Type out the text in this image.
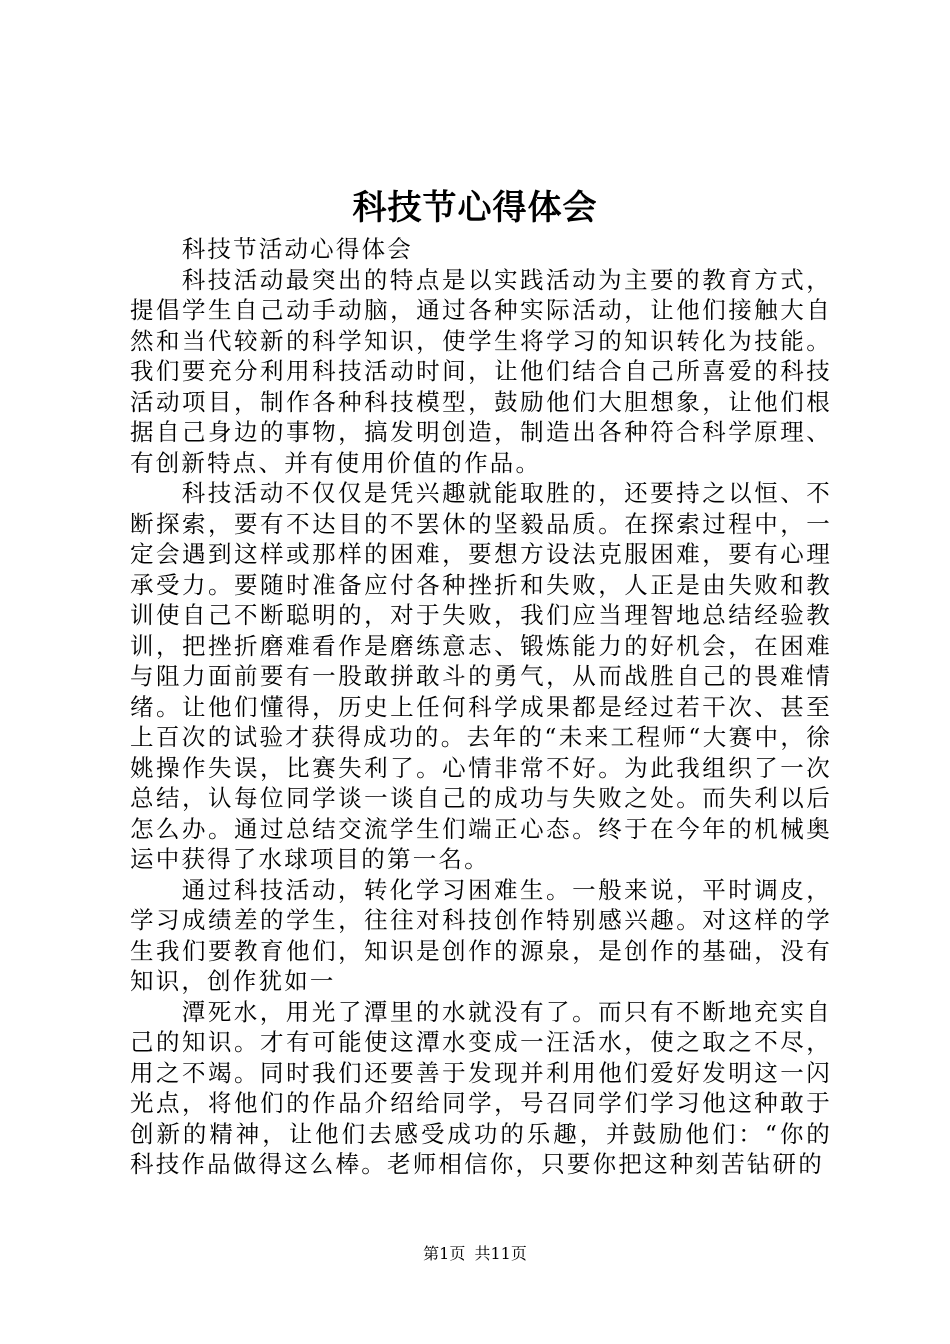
科技节心得体会

科技节活动心得体会

科技活动最突出的特点是以实践活动为主要的教育方式，提倡学生自己动手动脑，通过各种实际活动，让他们接触大自然和当代较新的科学知识，使学生将学习的知识转化为技能。我们要充分利用科技活动时间，让他们结合自己所喜爱的科技活动项目，制作各种科技模型，鼓励他们大胆想象，让他们根据自己身边的事物，搞发明创造，制造出各种符合科学原理、有创新特点、并有使用价值的作品。

科技活动不仅仅是凭兴趣就能取胜的，还要持之以恒、不断探索，要有不达目的不罢休的坚毅品质。在探索过程中，一定会遇到这样或那样的困难，要想方设法克服困难，要有心理承受力。要随时准备应付各种挫折和失败，人正是由失败和教训使自己不断聪明的，对于失败，我们应当理智地总结经验教训，把挫折磨难看作是磨练意志、锻炼能力的好机会，在困难与阻力面前要有一股敢拼敢斗的勇气，从而战胜自己的畏难情绪。让他们懂得，历史上任何科学成果都是经过若干次、甚至上百次的试验才获得成功的。去年的“未来工程师“大赛中，徐姚操作失误，比赛失利了。心情非常不好。为此我组织了一次总结，认每位同学谈一谈自己的成功与失败之处。而失利以后怎么办。通过总结交流学生们端正心态。终于在今年的机械奥运中获得了水球项目的第一名。

通过科技活动，转化学习困难生。一般来说，平时调皮，学习成绩差的学生，往往对科技创作特别感兴趣。对这样的学生我们要教育他们，知识是创作的源泉，是创作的基础，没有知识，创作犹如一

潭死水，用光了潭里的水就没有了。而只有不断地充实自己的知识。才有可能使这潭水变成一汪活水，使之取之不尽，用之不竭。同时我们还要善于发现并利用他们爱好发明这一闪光点，将他们的作品介绍给同学，号召同学们学习他这种敢于创新的精神，让他们去感受成功的乐趣，并鼓励他们：“你的科技作品做得这么棒。老师相信你，只要你把这种刻苦钻研的

第1页 共11页
